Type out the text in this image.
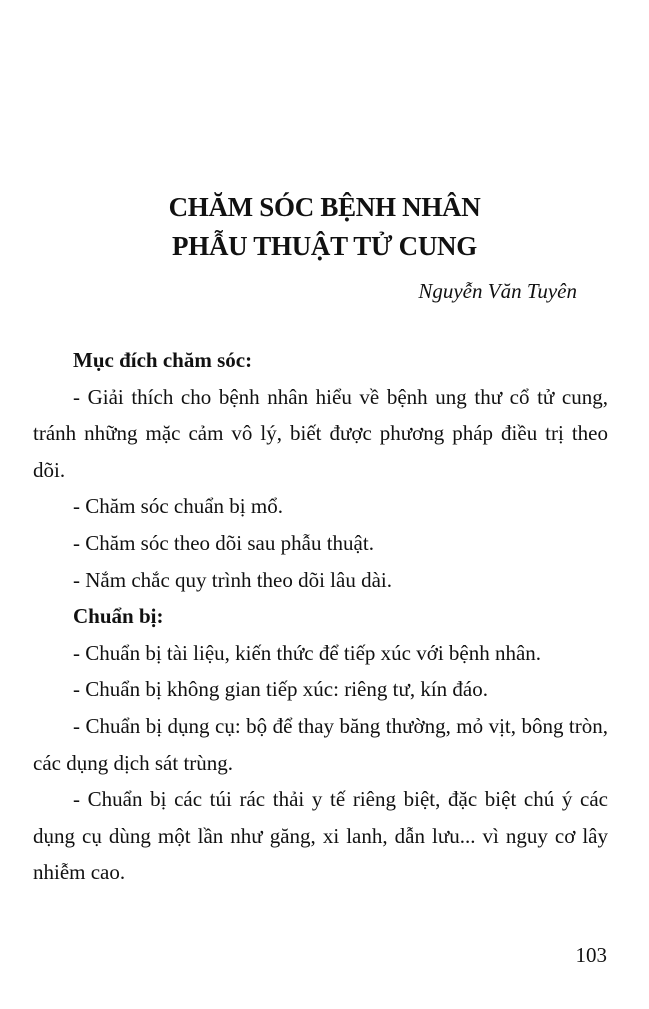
CHĂM SÓC BỆNH NHÂN
PHẪU THUẬT TỬ CUNG
Nguyễn Văn Tuyên

Mục đích chăm sóc:

- Giải thích cho bệnh nhân hiểu về bệnh ung thư cổ tử cung, tránh những mặc cảm vô lý, biết được phương pháp điều trị theo dõi.

- Chăm sóc chuẩn bị mổ.

- Chăm sóc theo dõi sau phẫu thuật.

- Nắm chắc quy trình theo dõi lâu dài.

Chuẩn bị:

- Chuẩn bị tài liệu, kiến thức để tiếp xúc với bệnh nhân.

- Chuẩn bị không gian tiếp xúc: riêng tư, kín đáo.

- Chuẩn bị dụng cụ: bộ để thay băng thường, mỏ vịt, bông tròn, các dụng dịch sát trùng.

- Chuẩn bị các túi rác thải y tế riêng biệt, đặc biệt chú ý các dụng cụ dùng một lần như găng, xi lanh, dẫn lưu... vì nguy cơ lây nhiễm cao.

103
